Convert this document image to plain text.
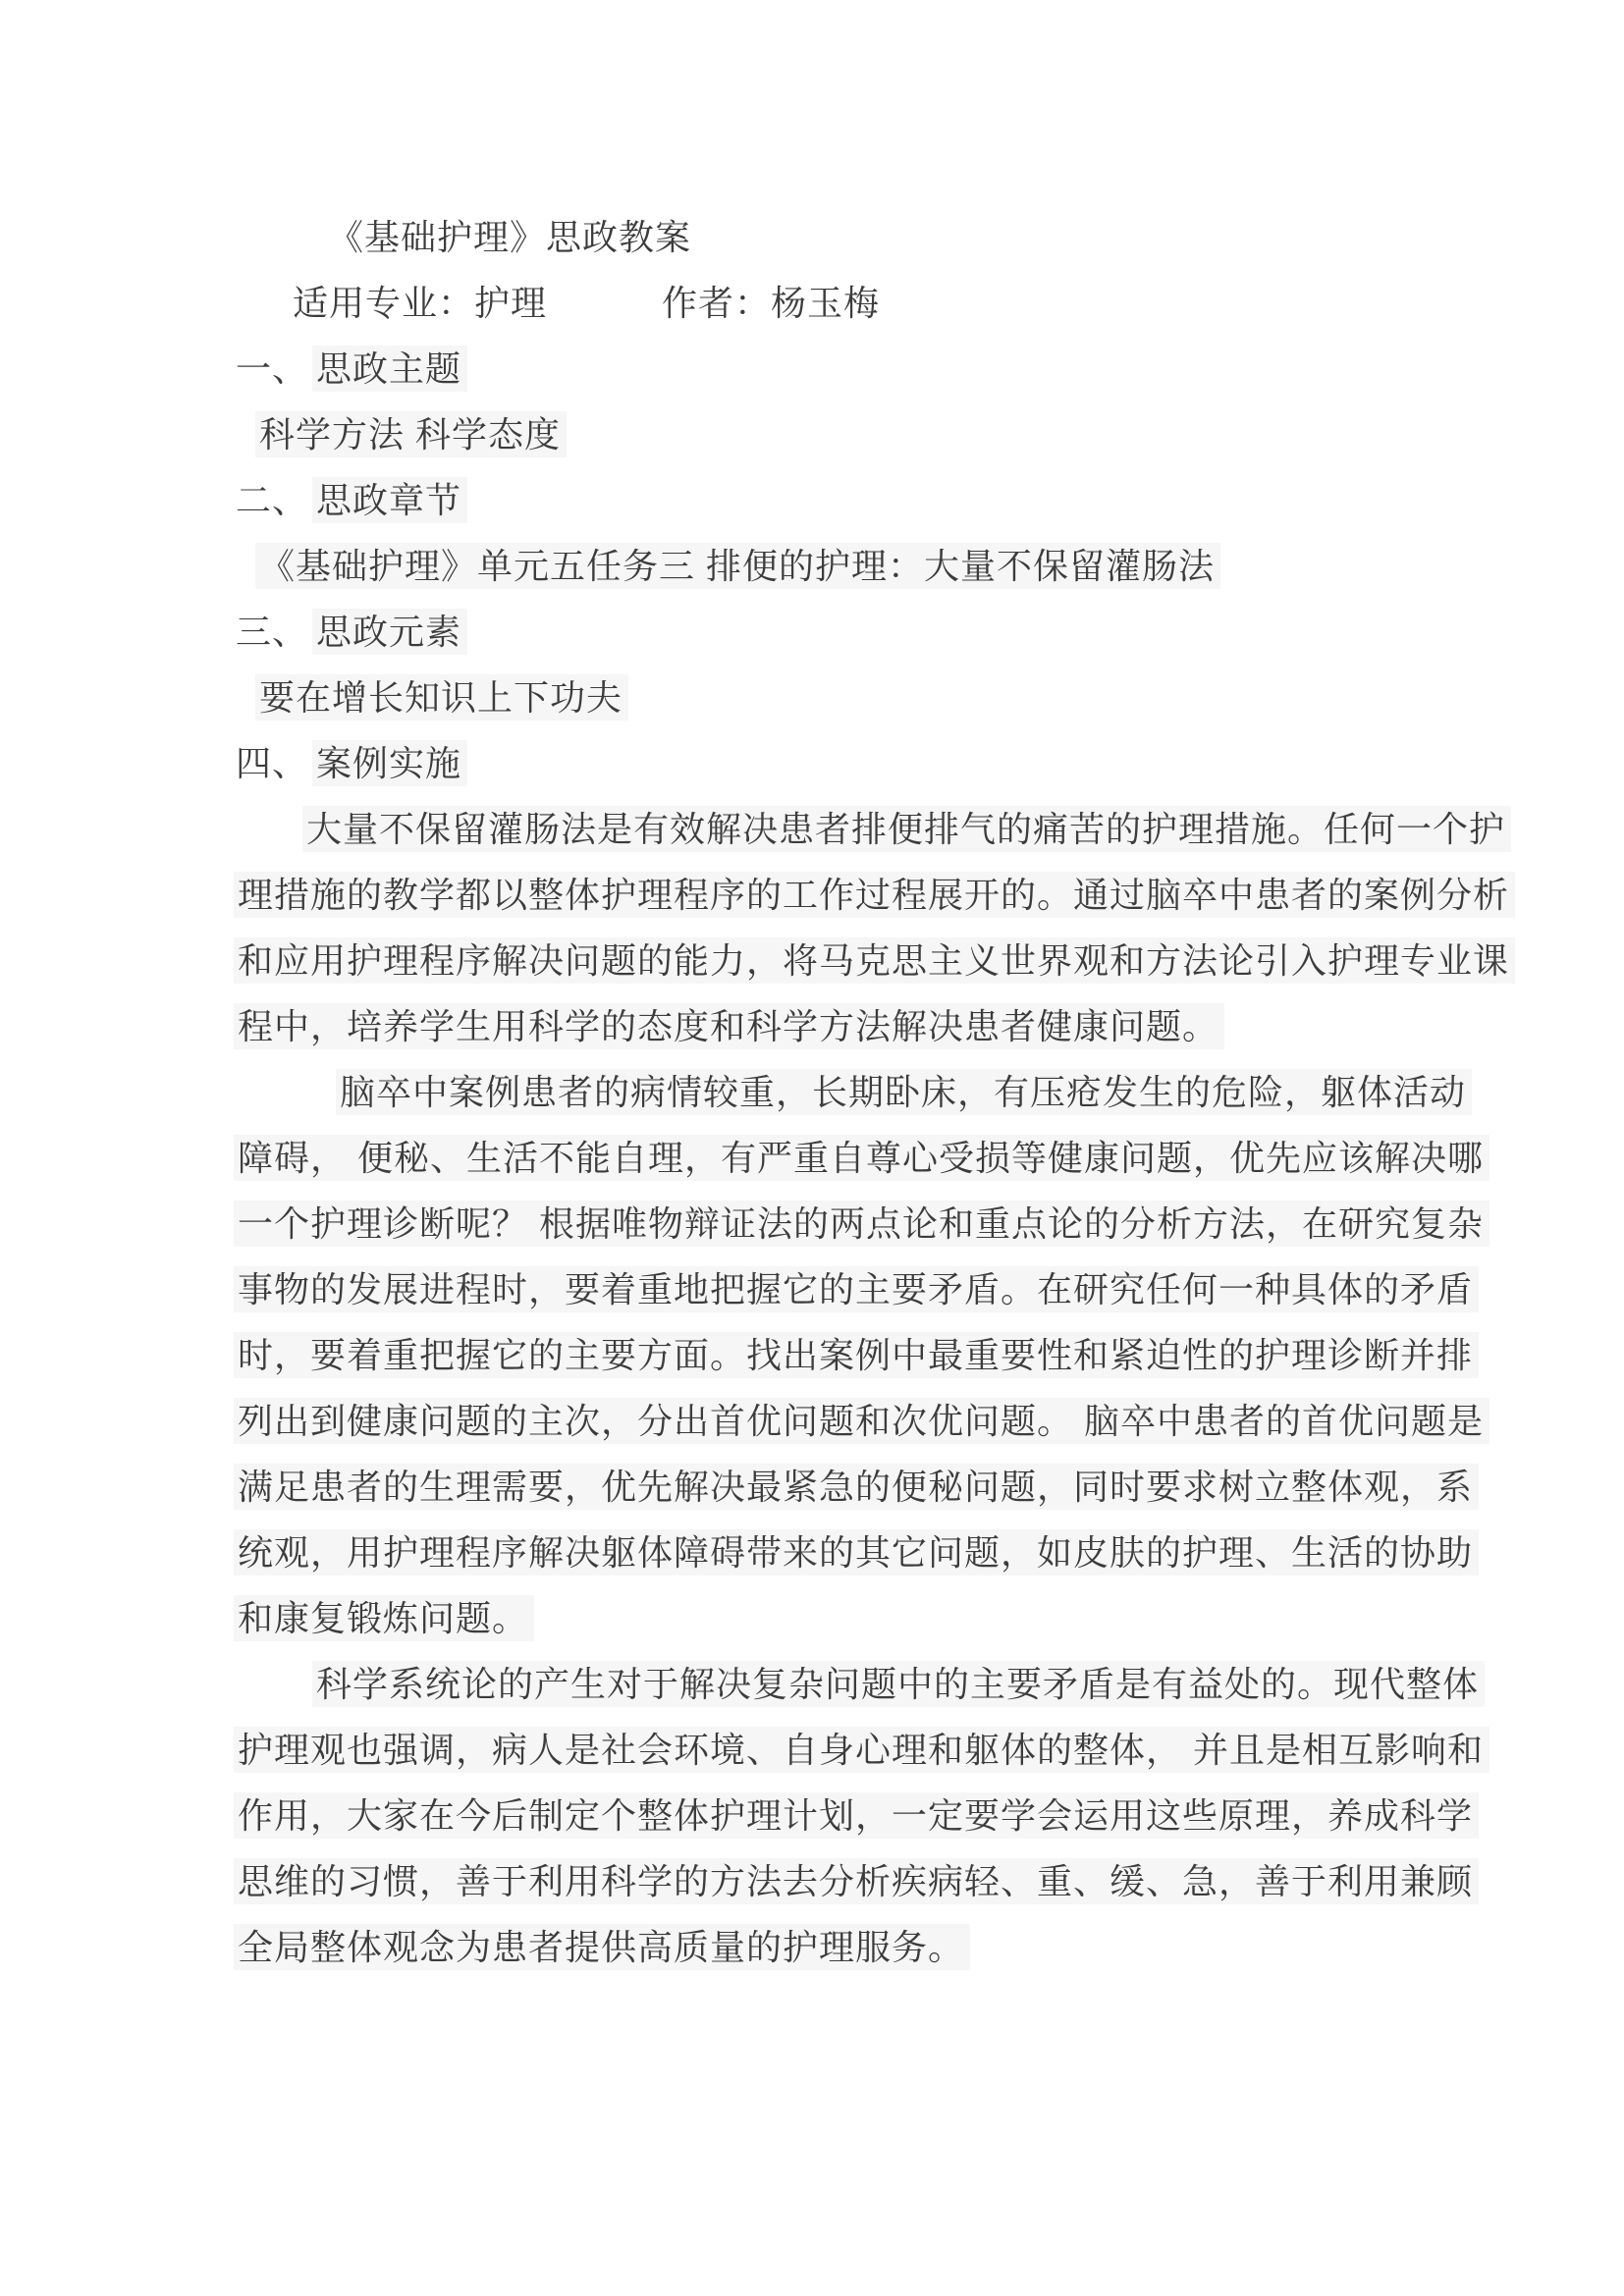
《基础护理》思政教案
适用专业：护理	作者：杨玉梅
一、 思政主题
科学方法 科学态度
二、 思政章节
《基础护理》单元五任务三 排便的护理：大量不保留灌肠法
三、 思政元素
要在增长知识上下功夫
四、 案例实施
大量不保留灌肠法是有效解决患者排便排气的痛苦的护理措施。任何一个护
理措施的教学都以整体护理程序的工作过程展开的。通过脑卒中患者的案例分析
和应用护理程序解决问题的能力，将马克思主义世界观和方法论引入护理专业课
程中，培养学生用科学的态度和科学方法解决患者健康问题。
脑卒中案例患者的病情较重，长期卧床，有压疮发生的危险，躯体活动
障碍， 便秘、生活不能自理，有严重自尊心受损等健康问题，优先应该解决哪
一个护理诊断呢？ 根据唯物辩证法的两点论和重点论的分析方法，在研究复杂
事物的发展进程时，要着重地把握它的主要矛盾。在研究任何一种具体的矛盾
时，要着重把握它的主要方面。找出案例中最重要性和紧迫性的护理诊断并排
列出到健康问题的主次，分出首优问题和次优问题。 脑卒中患者的首优问题是
满足患者的生理需要，优先解决最紧急的便秘问题，同时要求树立整体观，系
统观，用护理程序解决躯体障碍带来的其它问题，如皮肤的护理、生活的协助
和康复锻炼问题。
科学系统论的产生对于解决复杂问题中的主要矛盾是有益处的。现代整体
护理观也强调，病人是社会环境、自身心理和躯体的整体， 并且是相互影响和
作用，大家在今后制定个整体护理计划，一定要学会运用这些原理，养成科学
思维的习惯，善于利用科学的方法去分析疾病轻、重、缓、急，善于利用兼顾
全局整体观念为患者提供高质量的护理服务。
